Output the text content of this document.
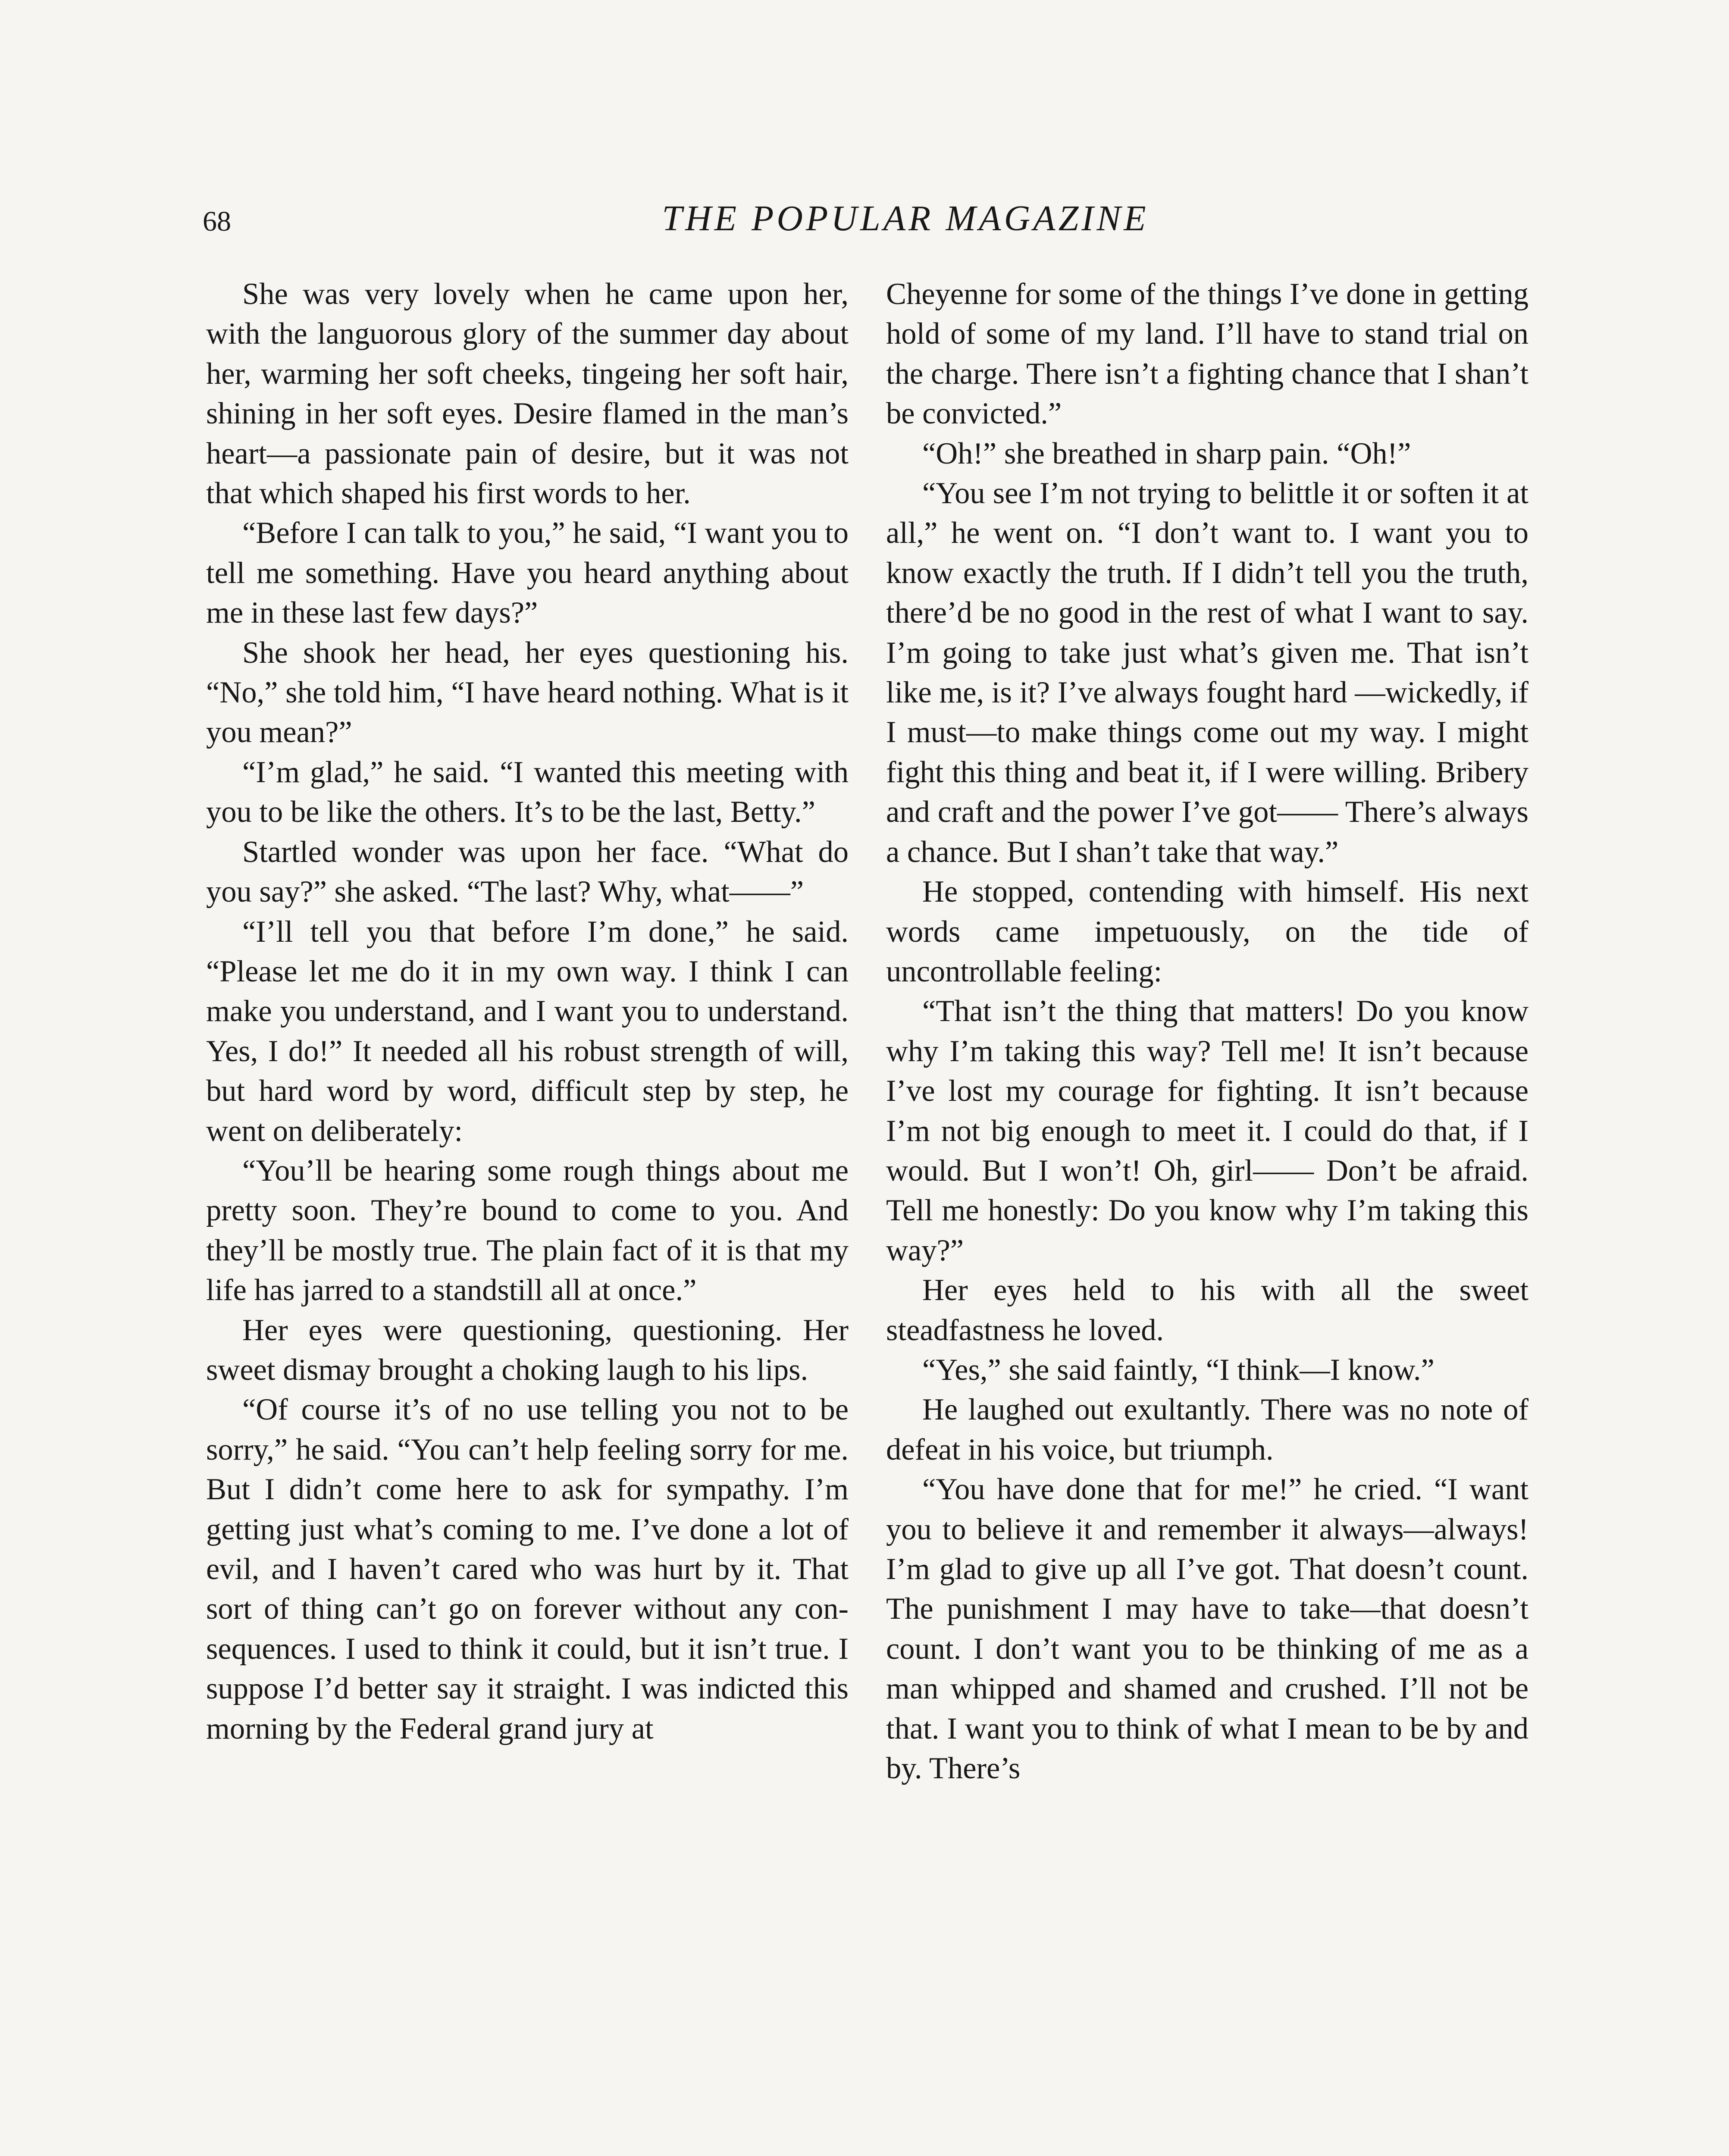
68	THE POPULAR MAGAZINE

She was very lovely when he came upon her, with the languorous glory of the summer day about her, warming her soft cheeks, tingeing her soft hair, shining in her soft eyes. Desire flamed in the man’s heart—a passionate pain of desire, but it was not that which shaped his first words to her.

“Before I can talk to you,” he said, “I want you to tell me something. Have you heard anything about me in these last few days?”

She shook her head, her eyes questioning his. “No,” she told him, “I have heard nothing. What is it you mean?”

“I’m glad,” he said. “I wanted this meeting with you to be like the others. It’s to be the last, Betty.”

Startled wonder was upon her face. “What do you say?” she asked. “The last? Why, what——”

“I’ll tell you that before I’m done,” he said. “Please let me do it in my own way. I think I can make you understand, and I want you to understand. Yes, I do!” It needed all his robust strength of will, but hard word by word, difficult step by step, he went on deliberately:

“You’ll be hearing some rough things about me pretty soon. They’re bound to come to you. And they’ll be mostly true. The plain fact of it is that my life has jarred to a standstill all at once.”

Her eyes were questioning, questioning. Her sweet dismay brought a choking laugh to his lips.

“Of course it’s of no use telling you not to be sorry,” he said. “You can’t help feeling sorry for me. But I didn’t come here to ask for sympathy. I’m getting just what’s coming to me. I’ve done a lot of evil, and I haven’t cared who was hurt by it. That sort of thing can’t go on forever without any consequences. I used to think it could, but it isn’t true. I suppose I’d better say it straight. I was indicted this morning by the Federal grand jury at

Cheyenne for some of the things I’ve done in getting hold of some of my land. I’ll have to stand trial on the charge. There isn’t a fighting chance that I shan’t be convicted.”

“Oh!” she breathed in sharp pain. “Oh!”

“You see I’m not trying to belittle it or soften it at all,” he went on. “I don’t want to. I want you to know exactly the truth. If I didn’t tell you the truth, there’d be no good in the rest of what I want to say. I’m going to take just what’s given me. That isn’t like me, is it? I’ve always fought hard —wickedly, if I must—to make things come out my way. I might fight this thing and beat it, if I were willing. Bribery and craft and the power I’ve got—— There’s always a chance. But I shan’t take that way.”

He stopped, contending with himself. His next words came impetuously, on the tide of uncontrollable feeling:

“That isn’t the thing that matters! Do you know why I’m taking this way? Tell me! It isn’t because I’ve lost my courage for fighting. It isn’t because I’m not big enough to meet it. I could do that, if I would. But I won’t! Oh, girl—— Don’t be afraid. Tell me honestly: Do you know why I’m taking this way?”

Her eyes held to his with all the sweet steadfastness he loved.

“Yes,” she said faintly, “I think—I know.”

He laughed out exultantly. There was no note of defeat in his voice, but triumph.

“You have done that for me!” he cried. “I want you to believe it and remember it always—always! I’m glad to give up all I’ve got. That doesn’t count. The punishment I may have to take—that doesn’t count. I don’t want you to be thinking of me as a man whipped and shamed and crushed. I’ll not be that. I want you to think of what I mean to be by and by. There’s
